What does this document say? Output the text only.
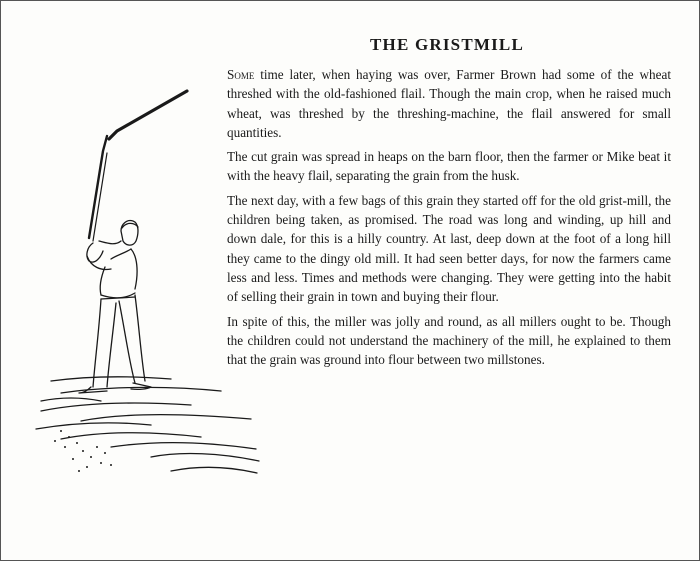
THE GRISTMILL

Some time later, when haying was over, Farmer Brown had some of the wheat threshed with the old-fashioned flail. Though the main crop, when he raised much wheat, was threshed by the threshing-machine, the flail answered for small quantities.

The cut grain was spread in heaps on the barn floor, then the farmer or Mike beat it with the heavy flail, separating the grain from the husk.

The next day, with a few bags of this grain they started off for the old grist-mill, the children being taken, as promised. The road was long and winding, up hill and down dale, for this is a hilly country. At last, deep down at the foot of a long hill they came to the dingy old mill. It had seen better days, for now the farmers came less and less. Times and methods were changing. They were getting into the habit of selling their grain in town and buying their flour.

In spite of this, the miller was jolly and round, as all millers ought to be. Though the children could not understand the machinery of the mill, he explained to them that the grain was ground into flour between two millstones.
